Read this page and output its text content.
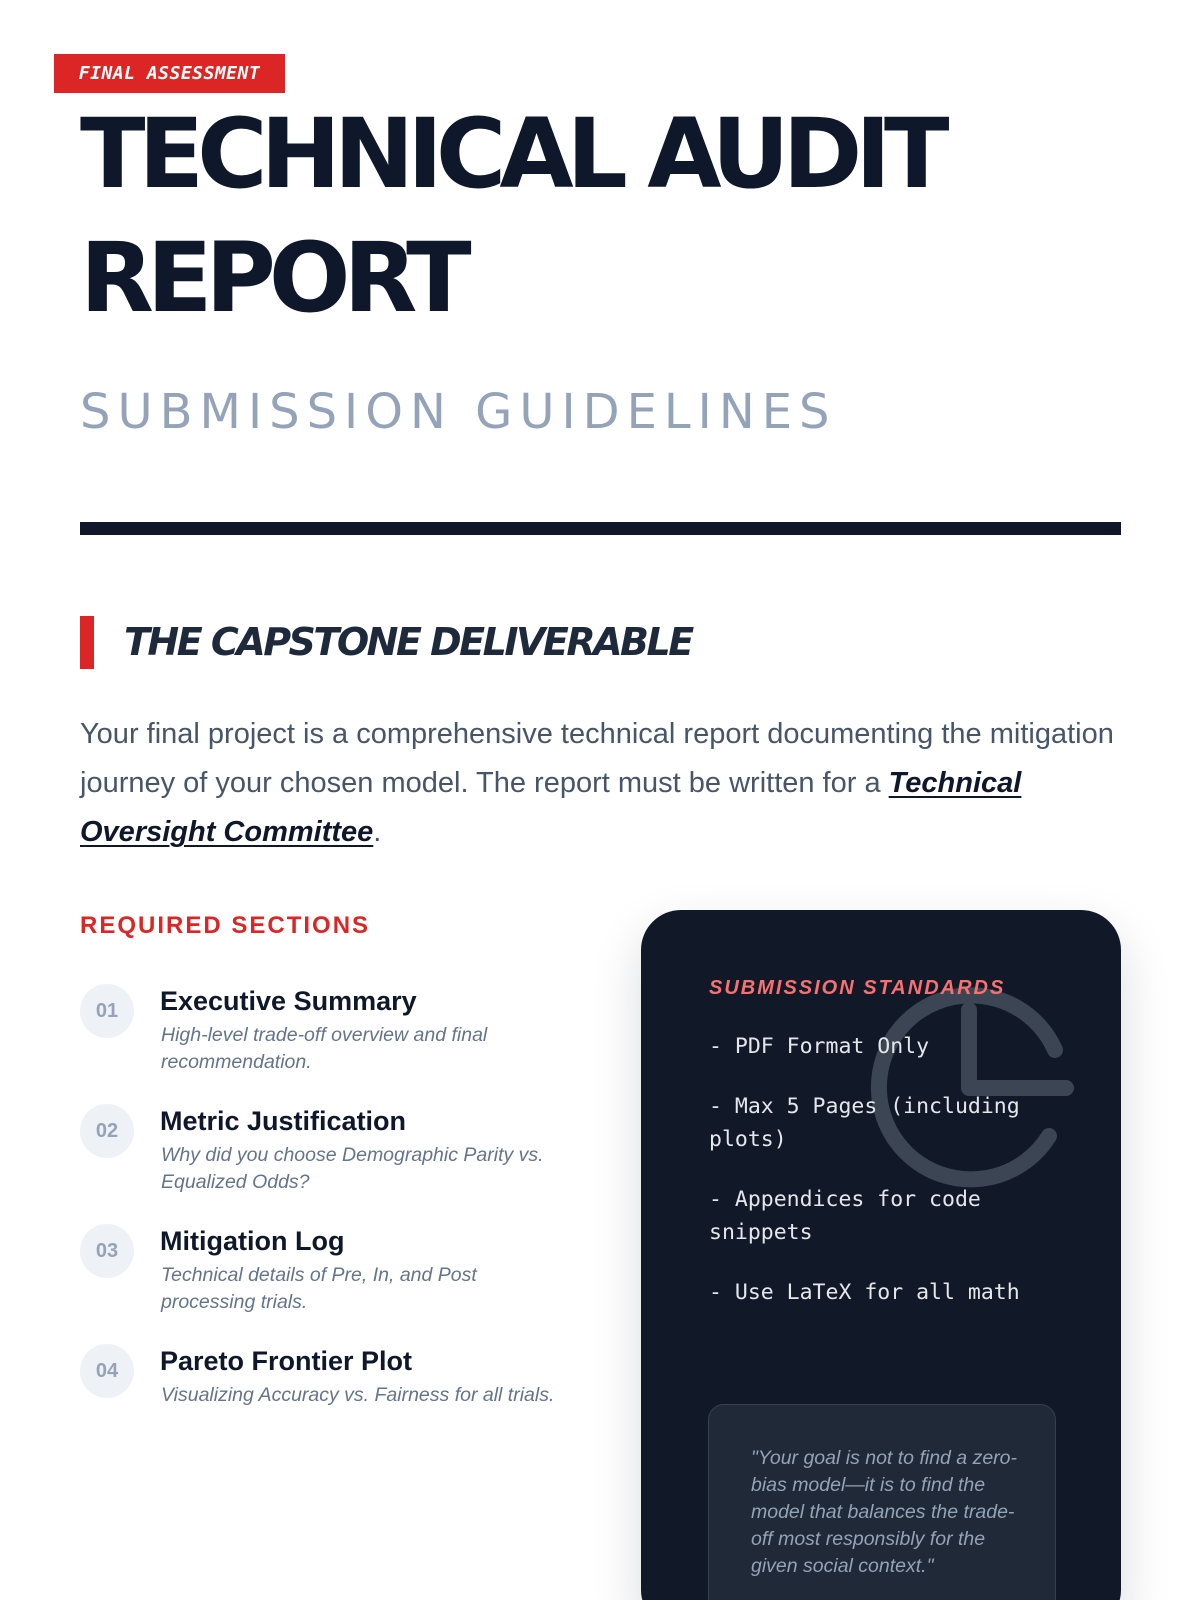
FINAL ASSESSMENT
TECHNICAL AUDIT
REPORT
SUBMISSION GUIDELINES
THE CAPSTONE DELIVERABLE

Your final project is a comprehensive technical report documenting the mitigation journey of your chosen model. The report must be written for a Technical Oversight Committee.

REQUIRED SECTIONS
01	Executive Summary
High-level trade-off overview and final recommendation.
02	Metric Justification
Why did you choose Demographic Parity vs. Equalized Odds?
03	Mitigation Log
Technical details of Pre, In, and Post processing trials.
04	Pareto Frontier Plot
Visualizing Accuracy vs. Fairness for all trials.
SUBMISSION STANDARDS
- PDF Format Only
- Max 5 Pages (including plots)
- Appendices for code snippets
- Use LaTeX for all math
"Your goal is not to find a zero-bias model—it is to find the model that balances the trade-off most responsibly for the given social context."
